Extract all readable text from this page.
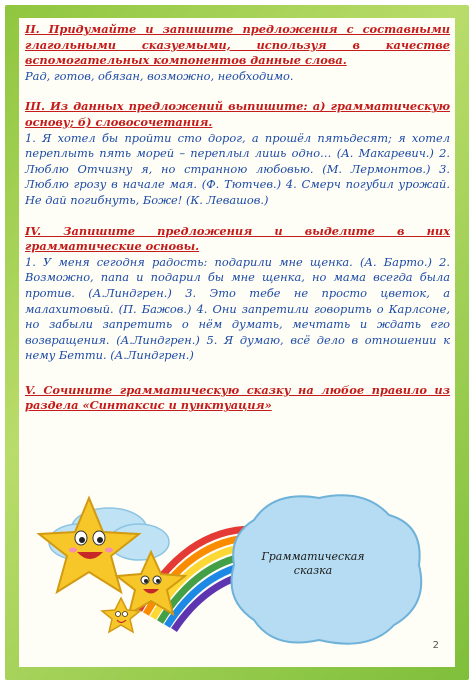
II. Придумайте и запишите предложения с составными глагольными сказуемыми, используя в качестве вспомогательных компонентов данные слова.
Рад, готов, обязан, возможно, необходимо.
III. Из данных предложений выпишите: а) грамматическую основу; б) словосочетания.
1. Я хотел бы пройти сто дорог, а прошёл пятьдесят; я хотел переплыть пять морей – переплыл лишь одно… (А. Макаревич.) 2. Люблю Отчизну я, но странною любовью. (М. Лермонтов.) 3. Люблю грозу в начале мая. (Ф. Тютчев.) 4. Смерч погубил урожай. Не дай погибнуть, Боже! (К. Левашов.)
IV. Запишите предложения и выделите в них грамматические основы.
1. У меня сегодня радость: подарили мне щенка. (А. Барто.) 2. Возможно, папа и подарил бы мне щенка, но мама всегда была против. (А.Линдгрен.) 3. Это тебе не просто цветок, а малахитовый. (П. Бажов.) 4. Они запретили говорить о Карлсоне, но забыли запретить о нём думать, мечтать и ждать его возвращения. (А.Линдгрен.) 5. Я думаю, всё дело в отношении к нему Бетти. (А.Линдгрен.)
V. Сочините грамматическую сказку на любое правило из раздела «Синтаксис и пунктуация»
Грамматическая
сказка
2
